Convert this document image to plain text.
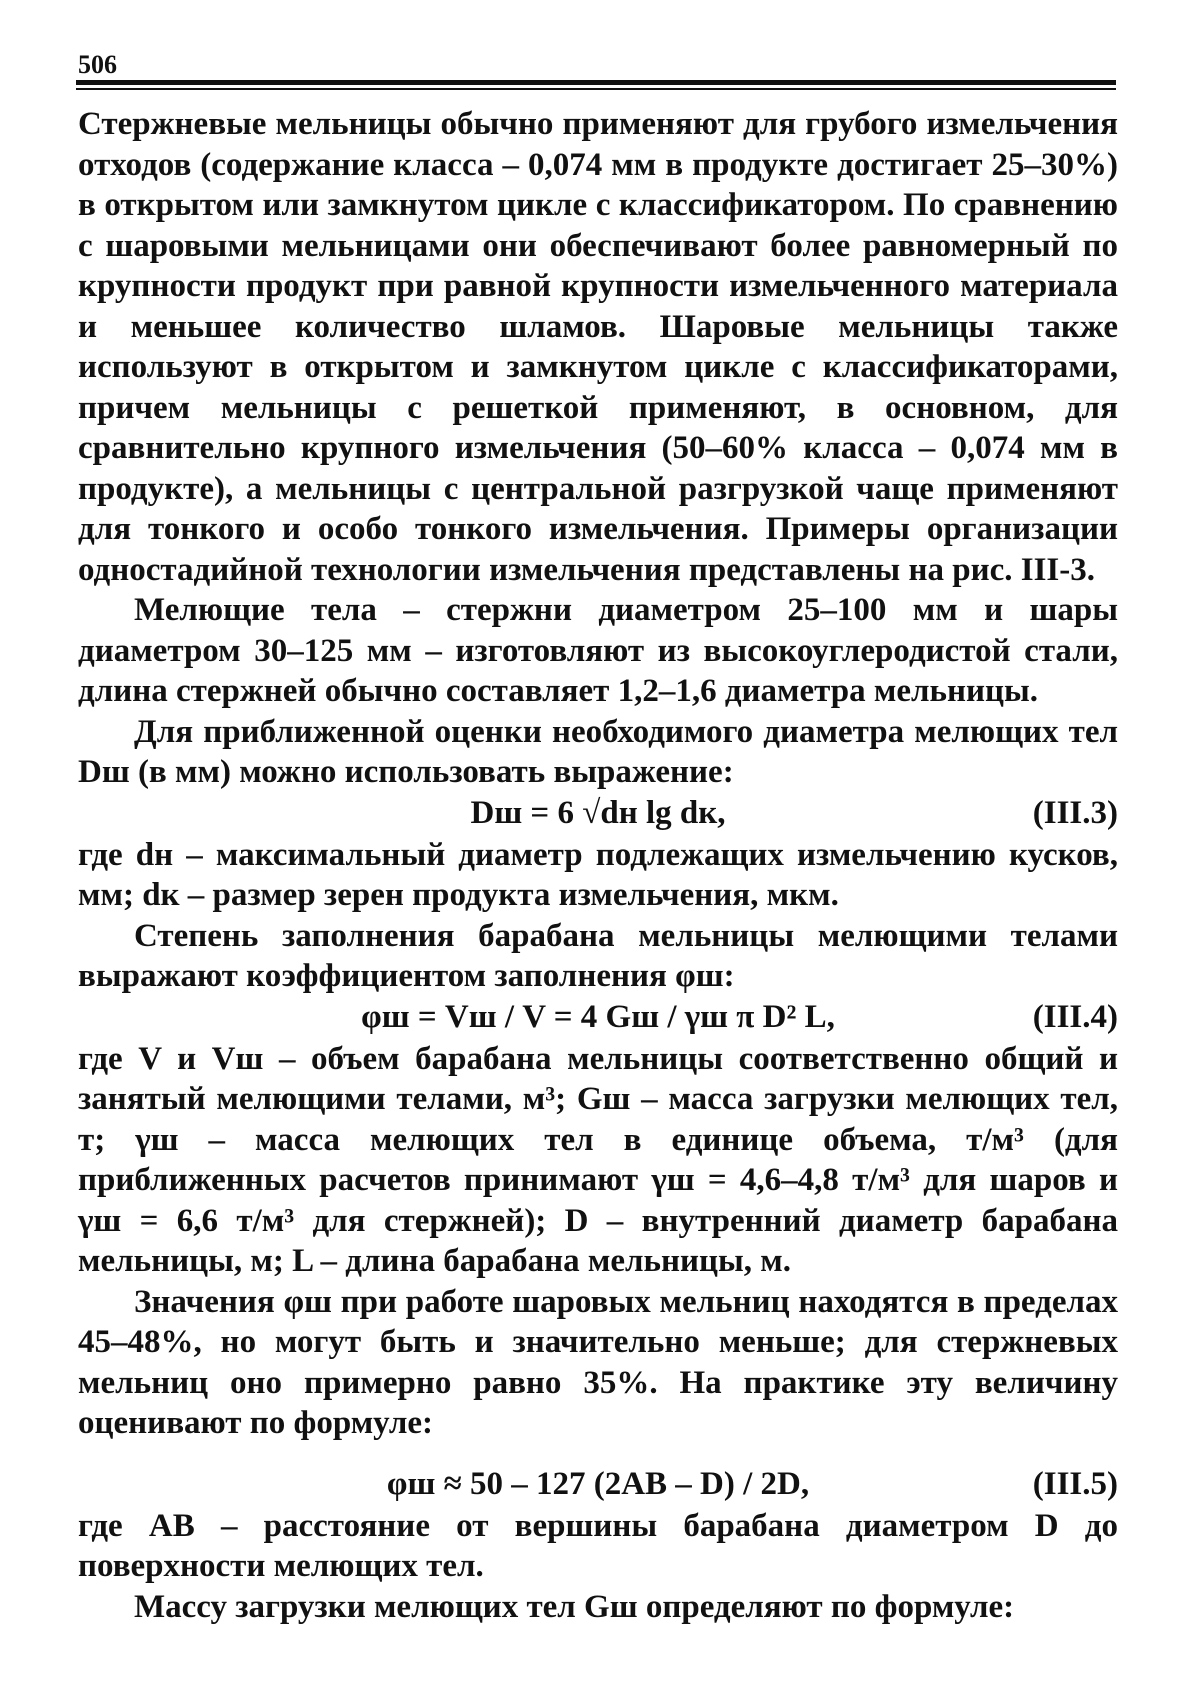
506

Стержневые мельницы обычно применяют для грубого измельчения отходов (содержание класса – 0,074 мм в продукте достигает 25–30%) в открытом или замкнутом цикле с классификатором. По сравнению с шаровыми мельницами они обеспечивают более равномерный по крупности продукт при равной крупности измельченного материала и меньшее количество шламов. Шаровые мельницы также используют в открытом и замкнутом цикле с классификаторами, причем мельницы с решеткой применяют, в основном, для сравнительно крупного измельчения (50–60% класса – 0,074 мм в продукте), а мельницы с центральной разгрузкой чаще применяют для тонкого и особо тонкого измельчения. Примеры организации одностадийной технологии измельчения представлены на рис. III-3.

Мелющие тела – стержни диаметром 25–100 мм и шары диаметром 30–125 мм – изготовляют из высокоуглеродистой стали, длина стержней обычно составляет 1,2–1,6 диаметра мельницы.

Для приближенной оценки необходимого диаметра мелющих тел Dш (в мм) можно использовать выражение:

Dш = 6 √dн lg dк,	(III.3)

где dн – максимальный диаметр подлежащих измельчению кусков, мм; dк – размер зерен продукта измельчения, мкм.

Степень заполнения барабана мельницы мелющими телами выражают коэффициентом заполнения φш:

φш = Vш / V = 4 Gш / γш π D² L,	(III.4)

где V и Vш – объем барабана мельницы соответственно общий и занятый мелющими телами, м³; Gш – масса загрузки мелющих тел, т; γш – масса мелющих тел в единице объема, т/м³ (для приближенных расчетов принимают γш = 4,6–4,8 т/м³ для шаров и γш = 6,6 т/м³ для стержней); D – внутренний диаметр барабана мельницы, м; L – длина барабана мельницы, м.

Значения φш при работе шаровых мельниц находятся в пределах 45–48%, но могут быть и значительно меньше; для стержневых мельниц оно примерно равно 35%. На практике эту величину оценивают по формуле:

φш ≈ 50 – 127 (2AB – D) / 2D,	(III.5)

где AB – расстояние от вершины барабана диаметром D до поверхности мелющих тел.

Массу загрузки мелющих тел Gш определяют по формуле:
